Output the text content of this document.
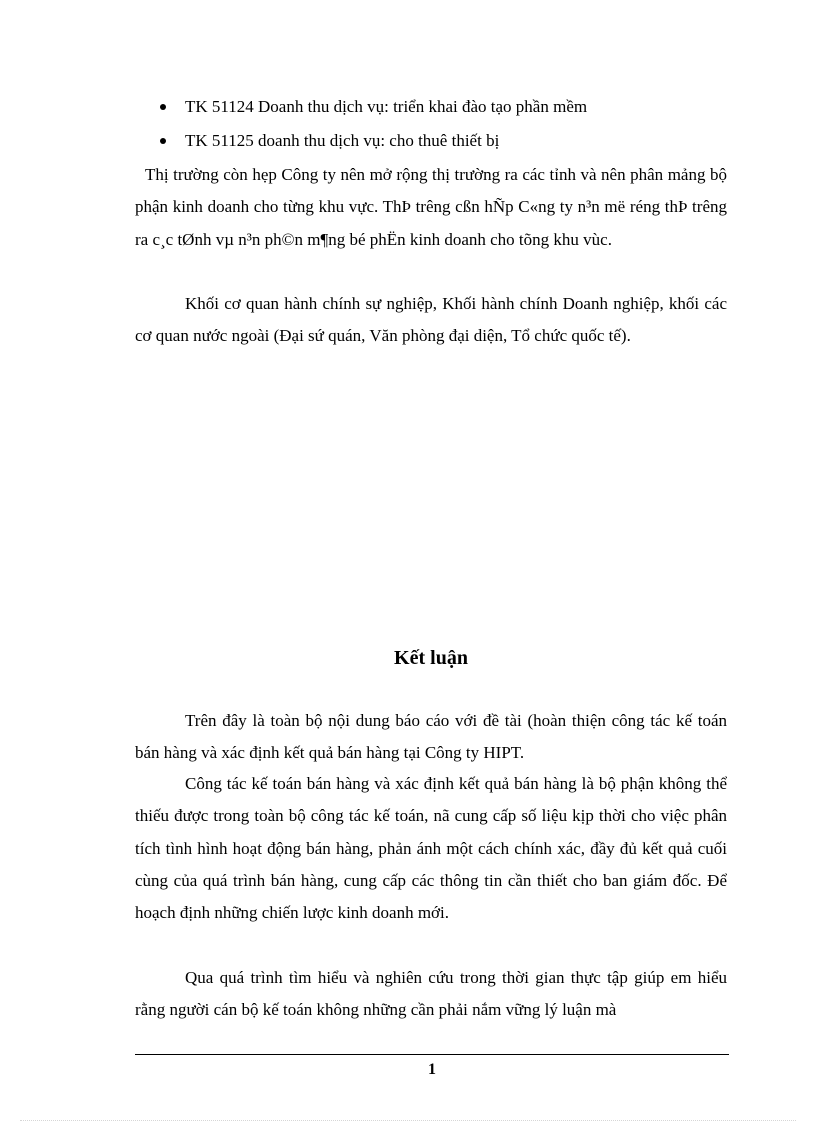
TK 51124 Doanh thu dịch vụ: triển khai đào tạo phần mềm
TK 51125 doanh thu dịch vụ: cho thuê thiết bị

Thị trường còn hẹp Công ty nên mở rộng thị trường ra các tỉnh và nên phân mảng bộ phận kinh doanh cho từng khu vực. ThÞ trêng cßn hÑp C«ng ty n³n më réng thÞ trêng ra c¸c tØnh vµ n³n ph©n m¶ng bé phËn kinh doanh cho tõng khu vùc.

Khối cơ quan hành chính sự nghiệp, Khối hành chính Doanh nghiệp, khối các cơ quan nước ngoài (Đại sứ quán, Văn phòng đại diện, Tổ chức quốc tế).

Kết luận

Trên đây là toàn bộ nội dung báo cáo với đề tài (hoàn thiện công tác kế toán bán hàng và xác định kết quả bán hàng tại Công ty HIPT.

Công tác kế toán bán hàng và xác định kết quả bán hàng là bộ phận không thể thiếu được trong toàn bộ công tác kế toán, nã cung cấp số liệu kịp thời cho việc phân tích tình hình hoạt động bán hàng, phản ánh một cách chính xác, đầy đủ kết quả cuối cùng của quá trình bán hàng, cung cấp các thông tin cần thiết cho ban giám đốc. Để hoạch định những chiến lược kinh doanh mới.

Qua quá trình tìm hiểu và nghiên cứu trong thời gian thực tập giúp em hiểu rằng người cán bộ kế toán không những cần phải nắm vững lý luận mà

1
